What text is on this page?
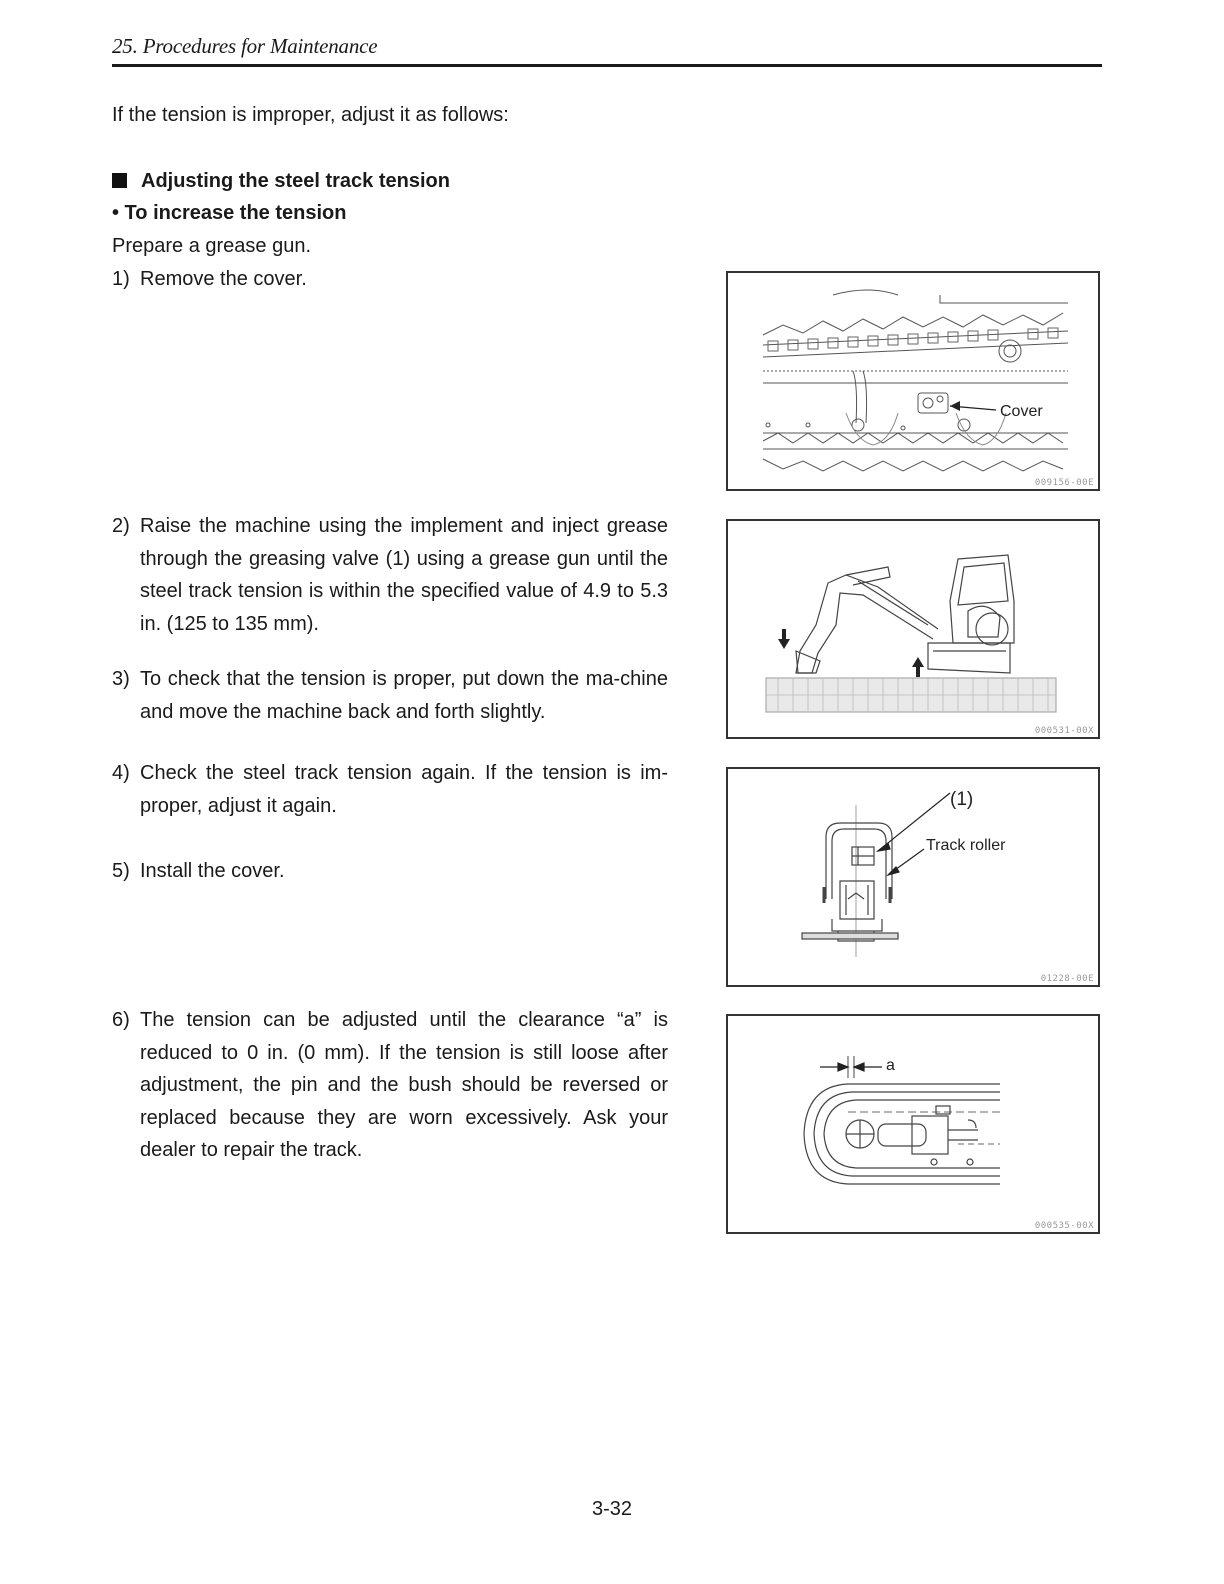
25. Procedures for Maintenance
If the tension is improper, adjust it as follows:
Adjusting the steel track tension
• To increase the tension
Prepare a grease gun.
1) Remove the cover.
2) Raise the machine using the implement and inject grease through the greasing valve (1) using a grease gun until the steel track tension is within the specified value of 4.9 to 5.3 in. (125 to 135 mm).
3) To check that the tension is proper, put down the ma-chine and move the machine back and forth slightly.
4) Check the steel track tension again. If the tension is im-proper, adjust it again.
5) Install the cover.
6) The tension can be adjusted until the clearance “a” is reduced to 0 in. (0 mm). If the tension is still loose after adjustment, the pin and the bush should be reversed or replaced because they are worn excessively. Ask your dealer to repair the track.
Cover
009156-00E
000531-00X
(1)
Track roller
01228-00E
a
000535-00X
3-32
